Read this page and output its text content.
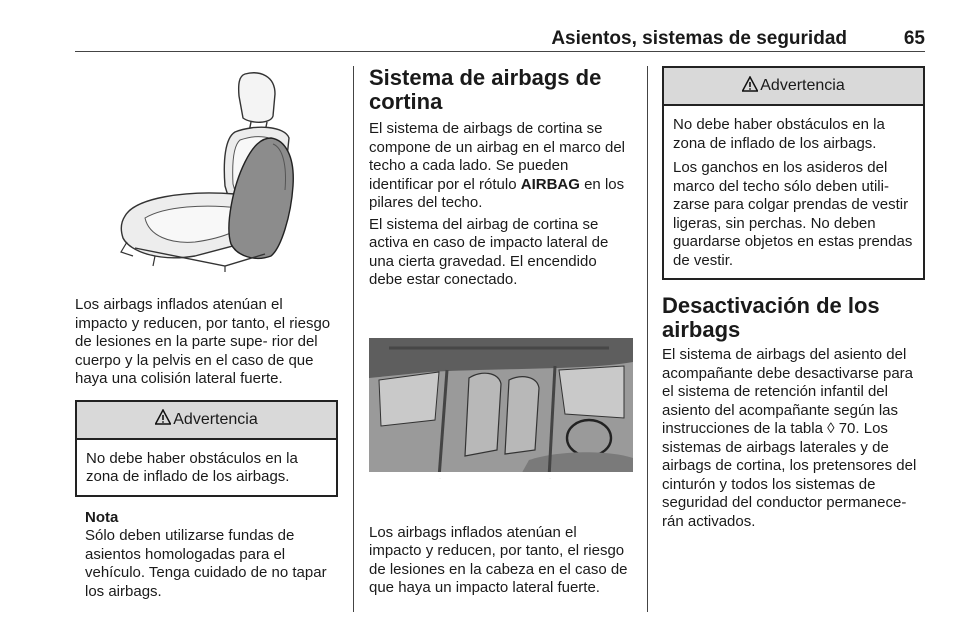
Asientos, sistemas de seguridad	65
Los airbags inflados atenúan el impacto y reducen, por tanto, el riesgo de lesiones en la parte supe- rior del cuerpo y la pelvis en el caso de que haya una colisión lateral fuerte.
Advertencia
No debe haber obstáculos en la zona de inflado de los airbags.
Nota
Sólo deben utilizarse fundas de asientos homologadas para el vehículo. Tenga cuidado de no tapar los airbags.
Sistema de airbags de cortina
El sistema de airbags de cortina se compone de un airbag en el marco del techo a cada lado. Se pueden identificar por el rótulo AIRBAG en los pilares del techo.
El sistema del airbag de cortina se activa en caso de impacto lateral de una cierta gravedad. El encendido debe estar conectado.
Los airbags inflados atenúan el impacto y reducen, por tanto, el riesgo de lesiones en la cabeza en el caso de que haya un impacto lateral fuerte.
Advertencia
No debe haber obstáculos en la zona de inflado de los airbags.
Los ganchos en los asideros del marco del techo sólo deben utili- zarse para colgar prendas de vestir ligeras, sin perchas. No deben guardarse objetos en estas prendas de vestir.
Desactivación de los airbags
El sistema de airbags del asiento del acompañante debe desactivarse para el sistema de retención infantil del asiento del acompañante según las instrucciones de la tabla ◊ 70. Los sistemas de airbags laterales y de airbags de cortina, los pretensores del cinturón y todos los sistemas de seguridad del conductor permanece- rán activados.
